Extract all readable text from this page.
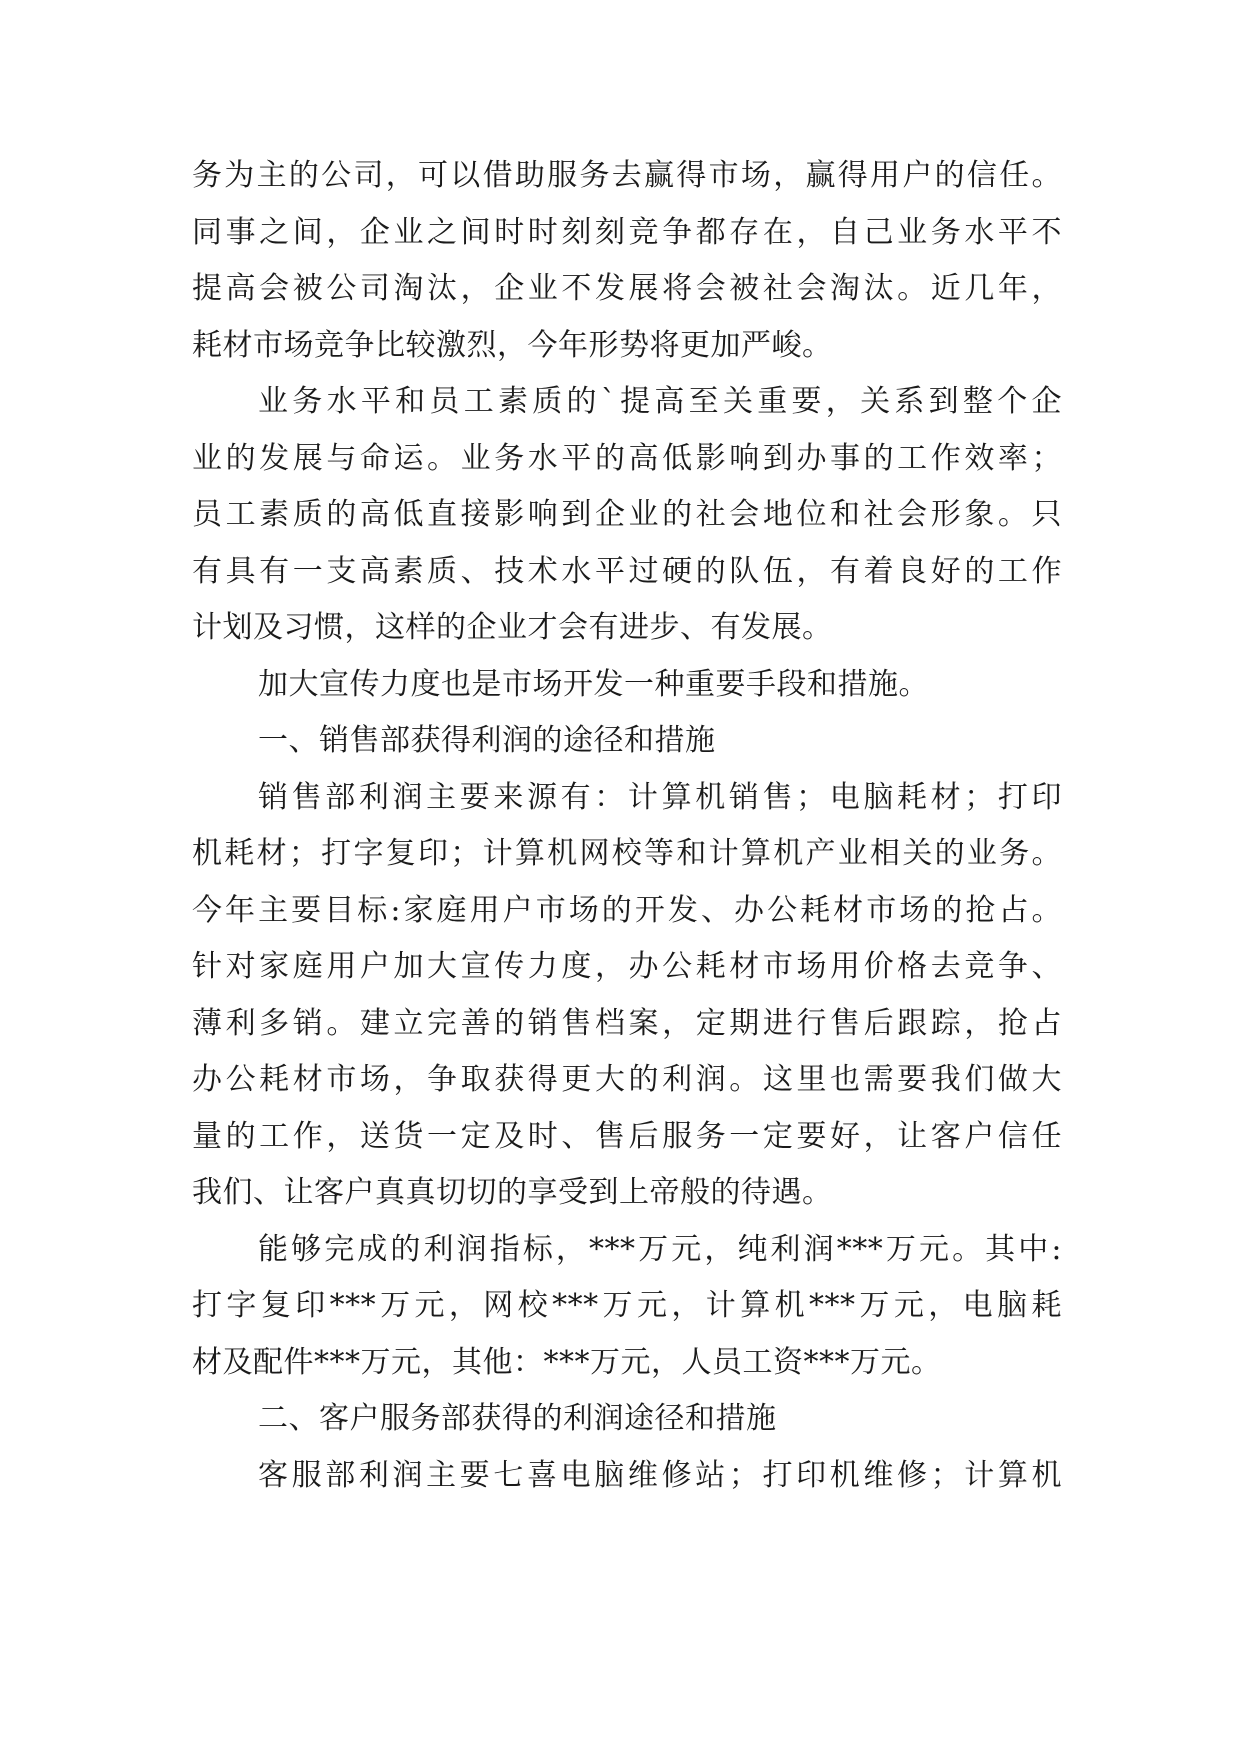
务为主的公司，可以借助服务去赢得市场，赢得用户的信任。
同事之间，企业之间时时刻刻竞争都存在，自己业务水平不
提高会被公司淘汰，企业不发展将会被社会淘汰。近几年，
耗材市场竞争比较激烈，今年形势将更加严峻。
业务水平和员工素质的`提高至关重要，关系到整个企
业的发展与命运。业务水平的高低影响到办事的工作效率；
员工素质的高低直接影响到企业的社会地位和社会形象。只
有具有一支高素质、技术水平过硬的队伍，有着良好的工作
计划及习惯，这样的企业才会有进步、有发展。
加大宣传力度也是市场开发一种重要手段和措施。
一、销售部获得利润的途径和措施
销售部利润主要来源有：计算机销售；电脑耗材；打印
机耗材；打字复印；计算机网校等和计算机产业相关的业务。
今年主要目标:家庭用户市场的开发、办公耗材市场的抢占。
针对家庭用户加大宣传力度，办公耗材市场用价格去竞争、
薄利多销。建立完善的销售档案，定期进行售后跟踪，抢占
办公耗材市场，争取获得更大的利润。这里也需要我们做大
量的工作，送货一定及时、售后服务一定要好，让客户信任
我们、让客户真真切切的享受到上帝般的待遇。
能够完成的利润指标，***万元，纯利润***万元。其中:
打字复印***万元，网校***万元，计算机***万元，电脑耗
材及配件***万元，其他：***万元，人员工资***万元。
二、客户服务部获得的利润途径和措施
客服部利润主要七喜电脑维修站；打印机维修；计算机
